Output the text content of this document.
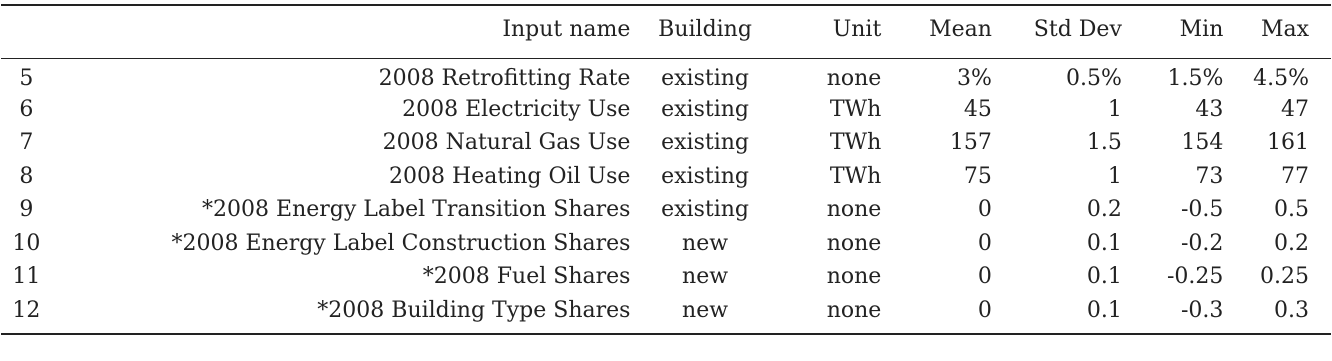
	Input name	Building	Unit	Mean	Std Dev	Min	Max
5	2008 Retrofitting Rate	existing	none	3%	0.5%	1.5%	4.5%
6	2008 Electricity Use	existing	TWh	45	1	43	47
7	2008 Natural Gas Use	existing	TWh	157	1.5	154	161
8	2008 Heating Oil Use	existing	TWh	75	1	73	77
9	*2008 Energy Label Transition Shares	existing	none	0	0.2	-0.5	0.5
10	*2008 Energy Label Construction Shares	new	none	0	0.1	-0.2	0.2
11	*2008 Fuel Shares	new	none	0	0.1	-0.25	0.25
12	*2008 Building Type Shares	new	none	0	0.1	-0.3	0.3
